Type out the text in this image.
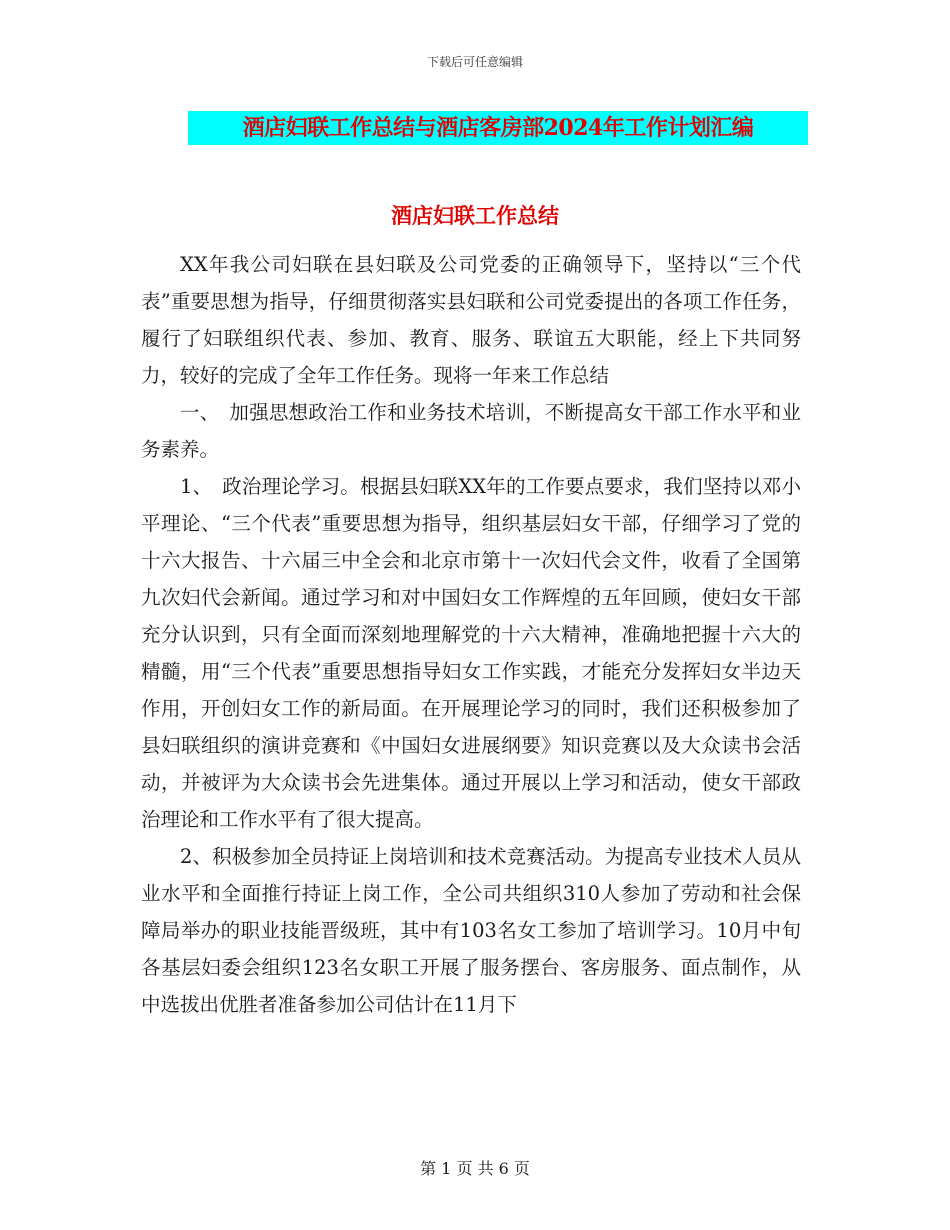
下载后可任意编辑
酒店妇联工作总结与酒店客房部2024年工作计划汇编
酒店妇联工作总结

XX年我公司妇联在县妇联及公司党委的正确领导下，坚持以“三个代表”重要思想为指导，仔细贯彻落实县妇联和公司党委提出的各项工作任务，履行了妇联组织代表、参加、教育、服务、联谊五大职能，经上下共同努力，较好的完成了全年工作任务。现将一年来工作总结

一、　加强思想政治工作和业务技术培训，不断提高女干部工作水平和业务素养。

1、　政治理论学习。根据县妇联XX年的工作要点要求，我们坚持以邓小平理论、“三个代表”重要思想为指导，组织基层妇女干部，仔细学习了党的十六大报告、十六届三中全会和北京市第十一次妇代会文件，收看了全国第九次妇代会新闻。通过学习和对中国妇女工作辉煌的五年回顾，使妇女干部充分认识到，只有全面而深刻地理解党的十六大精神，准确地把握十六大的精髓，用“三个代表”重要思想指导妇女工作实践，才能充分发挥妇女半边天作用，开创妇女工作的新局面。在开展理论学习的同时，我们还积极参加了县妇联组织的演讲竞赛和《中国妇女进展纲要》知识竞赛以及大众读书会活动，并被评为大众读书会先进集体。通过开展以上学习和活动，使女干部政治理论和工作水平有了很大提高。

2、积极参加全员持证上岗培训和技术竞赛活动。为提高专业技术人员从业水平和全面推行持证上岗工作，全公司共组织310人参加了劳动和社会保障局举办的职业技能晋级班，其中有103名女工参加了培训学习。10月中旬各基层妇委会组织123名女职工开展了服务摆台、客房服务、面点制作，从中选拔出优胜者准备参加公司估计在11月下

第 1 页 共 6 页
